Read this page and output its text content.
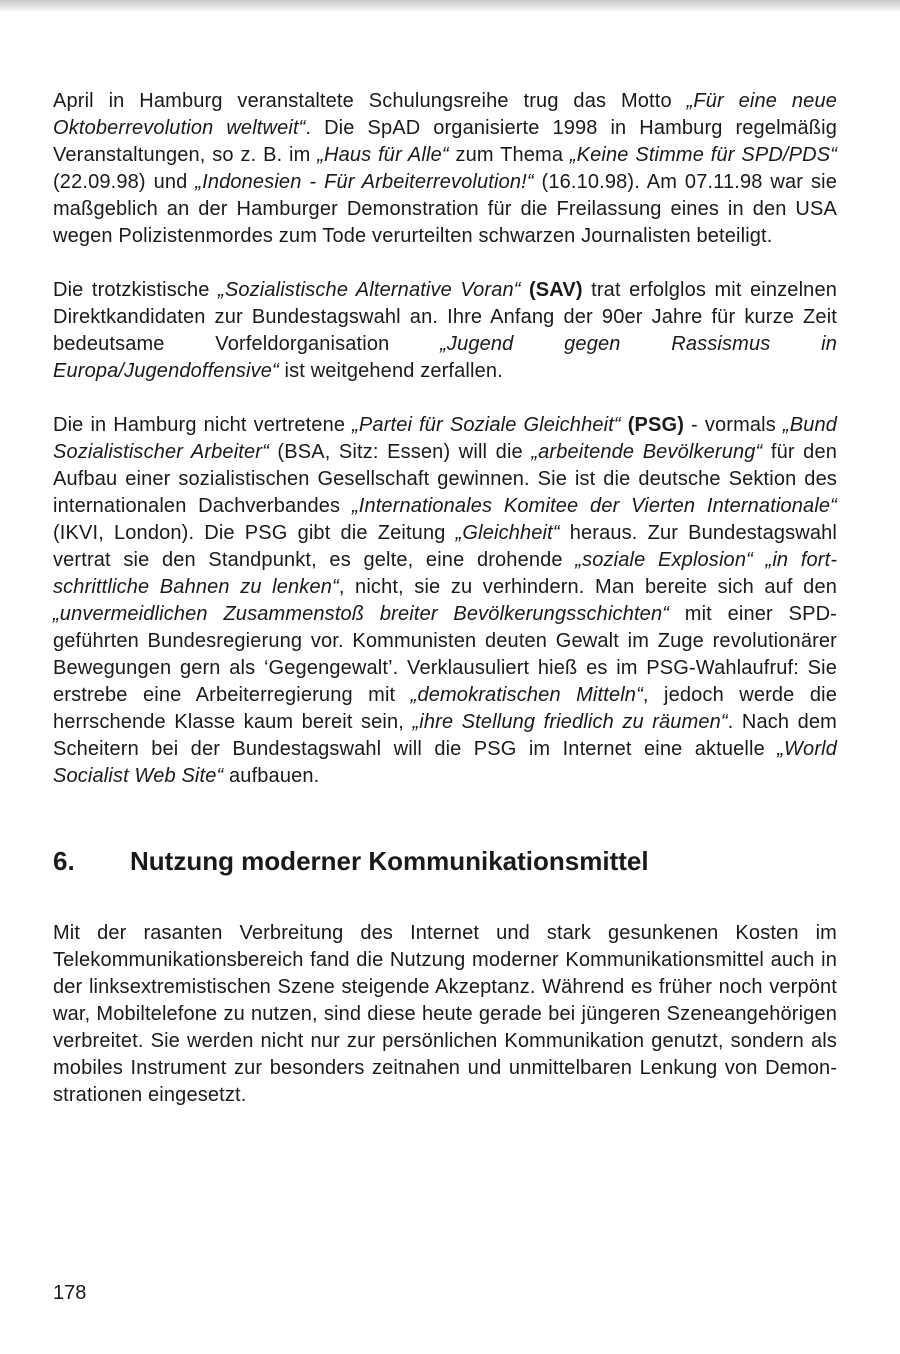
April in Hamburg veranstaltete Schulungsreihe trug das Motto „Für eine neue Oktoberrevolution weltweit“. Die SpAD organisierte 1998 in Hamburg regelmäßig Veranstaltungen, so z. B. im „Haus für Alle“ zum Thema „Keine Stimme für SPD/PDS“ (22.09.98) und „Indonesien - Für Arbeiterrevolution!“ (16.10.98). Am 07.11.98 war sie maßgeblich an der Hamburger Demonstration für die Freilassung eines in den USA wegen Polizistenmordes zum Tode verurteilten schwarzen Journalisten beteiligt.

Die trotzkistische „Sozialistische Alternative Voran“ (SAV) trat erfolglos mit einzelnen Direktkandidaten zur Bundestagswahl an. Ihre Anfang der 90er Jahre für kurze Zeit bedeutsame Vorfeldorganisation „Jugend gegen Rassismus in Europa/Jugendoffensive“ ist weitgehend zerfallen.

Die in Hamburg nicht vertretene „Partei für Soziale Gleichheit“ (PSG) - vormals „Bund Sozialistischer Arbeiter“ (BSA, Sitz: Essen) will die „arbeitende Bevölkerung“ für den Aufbau einer sozialistischen Gesellschaft gewinnen. Sie ist die deutsche Sektion des internationalen Dachverbandes „Internationales Komitee der Vierten Internationale“ (IKVI, London). Die PSG gibt die Zeitung „Gleichheit“ heraus. Zur Bundestagswahl vertrat sie den Standpunkt, es gelte, eine drohende „soziale Explosion“ „in fortschrittliche Bahnen zu lenken“, nicht, sie zu verhindern. Man bereite sich auf den „unvermeidlichen Zusammenstoß breiter Bevölkerungsschichten“ mit einer SPD-geführten Bundesregierung vor. Kommunisten deuten Gewalt im Zuge revolutionärer Bewegungen gern als ‘Gegengewalt’. Verklausuliert hieß es im PSG-Wahlaufruf: Sie erstrebe eine Arbeiterregierung mit „demokratischen Mitteln“, jedoch werde die herrschende Klasse kaum bereit sein, „ihre Stellung friedlich zu räumen“. Nach dem Scheitern bei der Bundestagswahl will die PSG im Internet eine aktuelle „World Socialist Web Site“ aufbauen.

6.	Nutzung moderner Kommunikationsmittel

Mit der rasanten Verbreitung des Internet und stark gesunkenen Kosten im Telekommunikationsbereich fand die Nutzung moderner Kommunikationsmittel auch in der linksextremistischen Szene steigende Akzeptanz. Während es früher noch verpönt war, Mobiltelefone zu nutzen, sind diese heute gerade bei jüngeren Szeneangehörigen verbreitet. Sie werden nicht nur zur persönlichen Kommunikation genutzt, sondern als mobiles Instrument zur besonders zeitnahen und unmittelbaren Lenkung von Demonstrationen eingesetzt.

178
